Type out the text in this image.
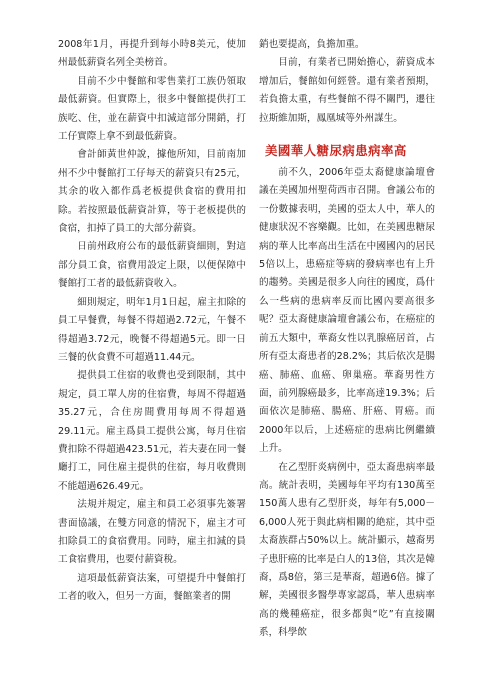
2008年1月，再提升到每小時8美元，使加州最低薪資名列全美榜首。

目前不少中餐館和零售業打工族仍領取最低薪資。但實際上，很多中餐館提供打工族吃、住，並在薪資中扣減這部分開銷，打工仔實際上拿不到最低薪資。

會計師黃世仲說，據他所知，目前南加州不少中餐館打工仔每天的薪資只有25元，其余的收入都作爲老板提供食宿的費用扣除。若按照最低薪資計算，等于老板提供的食宿，扣掉了員工的大部分薪資。

日前州政府公布的最低薪資細則，對這部分員工食，宿費用設定上限，以便保障中餐館打工者的最低薪資收入。

細則規定，明年1月1日起，雇主扣除的員工早餐費，每餐不得超過2.72元，午餐不得超過3.72元，晚餐不得超過5元。即一日三餐的伙食費不可超過11.44元。

提供員工住宿的收費也受到限制，其中規定，員工單人房的住宿費，每周不得超過35.27元，合住房間費用每周不得超過29.11元。雇主爲員工提供公寓，每月住宿費扣除不得超過423.51元，若夫妻在同一餐廳打工，同住雇主提供的住宿，每月收費則不能超過626.49元。

法規并規定，雇主和員工必須事先簽署書面協議，在雙方同意的情況下，雇主才可扣除員工的食宿費用。同時，雇主扣減的員工食宿費用，也要付薪資稅。

這項最低薪資法案，可望提升中餐館打工者的收入，但另一方面，餐館業者的開

銷也要提高，負擔加重。

目前，有業者已開始擔心，薪資成本增加后，餐館如何經營。還有業者預期，若負擔太重，有些餐館不得不關門，遷往拉斯維加斯，鳳凰城等外州謀生。

美國華人糖尿病患病率高

前不久，2006年亞太裔健康論壇會議在美國加州聖荷西市召開。會議公布的一份數據表明，美國的亞太人中，華人的健康狀況不容樂觀。比如，在美國患糖尿病的華人比率高出生活在中國國內的居民5倍以上，患癌症等病的發病率也有上升的趨勢。美國是很多人向往的國度，爲什么一些病的患病率反而比國內要高很多呢？亞太裔健康論壇會議公布，在癌症的前五大類中，華裔女性以乳腺癌居首，占所有亞太裔患者的28.2%；其后依次是腸癌、肺癌、血癌、卵巢癌。華裔男性方面，前列腺癌最多，比率高達19.3%；后面依次是肺癌、腸癌、肝癌、胃癌。而2000年以后，上述癌症的患病比例繼續上升。

在乙型肝炎病例中，亞太裔患病率最高。統計表明，美國每年平均有130萬至150萬人患有乙型肝炎，每年有5,000－6,000人死于與此病相關的絶症，其中亞太裔族群占50%以上。統計顯示，越裔男子患肝癌的比率是白人的13倍，其次是韓裔，爲8倍，第三是華裔，超過6倍。據了解，美國很多醫學專家認爲，華人患病率高的幾種癌症，很多都與“吃”有直接關系，科學飲
